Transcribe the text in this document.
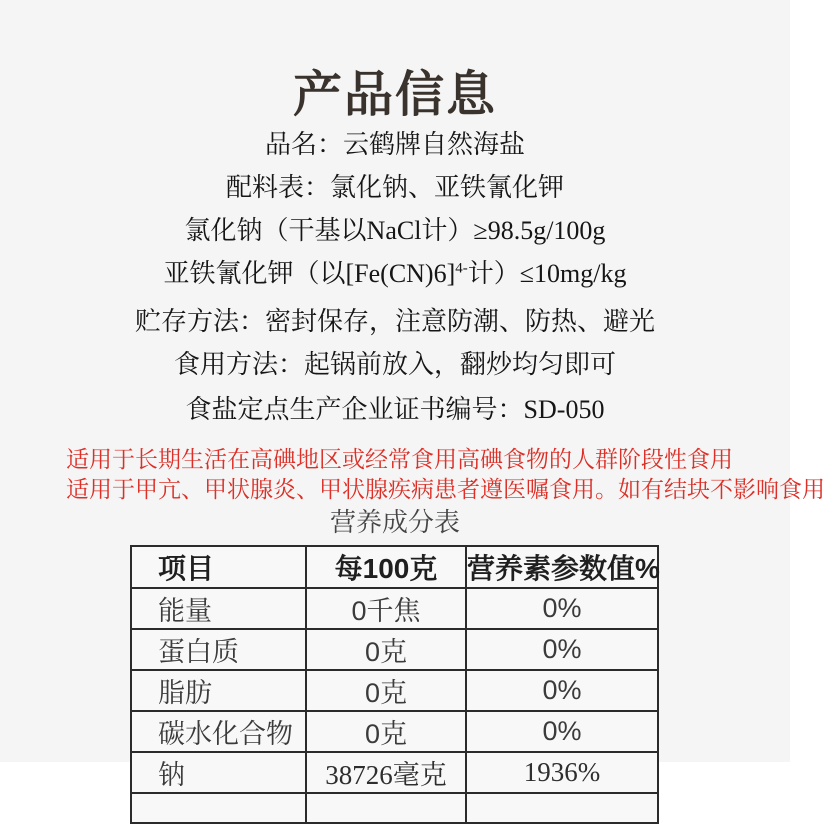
产品信息
品名：云鹤牌自然海盐
配料表：氯化钠、亚铁氰化钾
氯化钠（干基以NaCl计）≥98.5g/100g
亚铁氰化钾（以$[Fe(CN)6]^{4-}$计）≤10mg/kg
贮存方法：密封保存，注意防潮、防热、避光
食用方法：起锅前放入，翻炒均匀即可
食盐定点生产企业证书编号：SD-050
适用于长期生活在高碘地区或经常食用高碘食物的人群阶段性食用
适用于甲亢、甲状腺炎、甲状腺疾病患者遵医嘱食用。如有结块不影响食用
营养成分表
项目	每100克	营养素参数值%
能量	0千焦	0%
蛋白质	0克	0%
脂肪	0克	0%
碳水化合物	0克	0%
钠	38726毫克	1936%
